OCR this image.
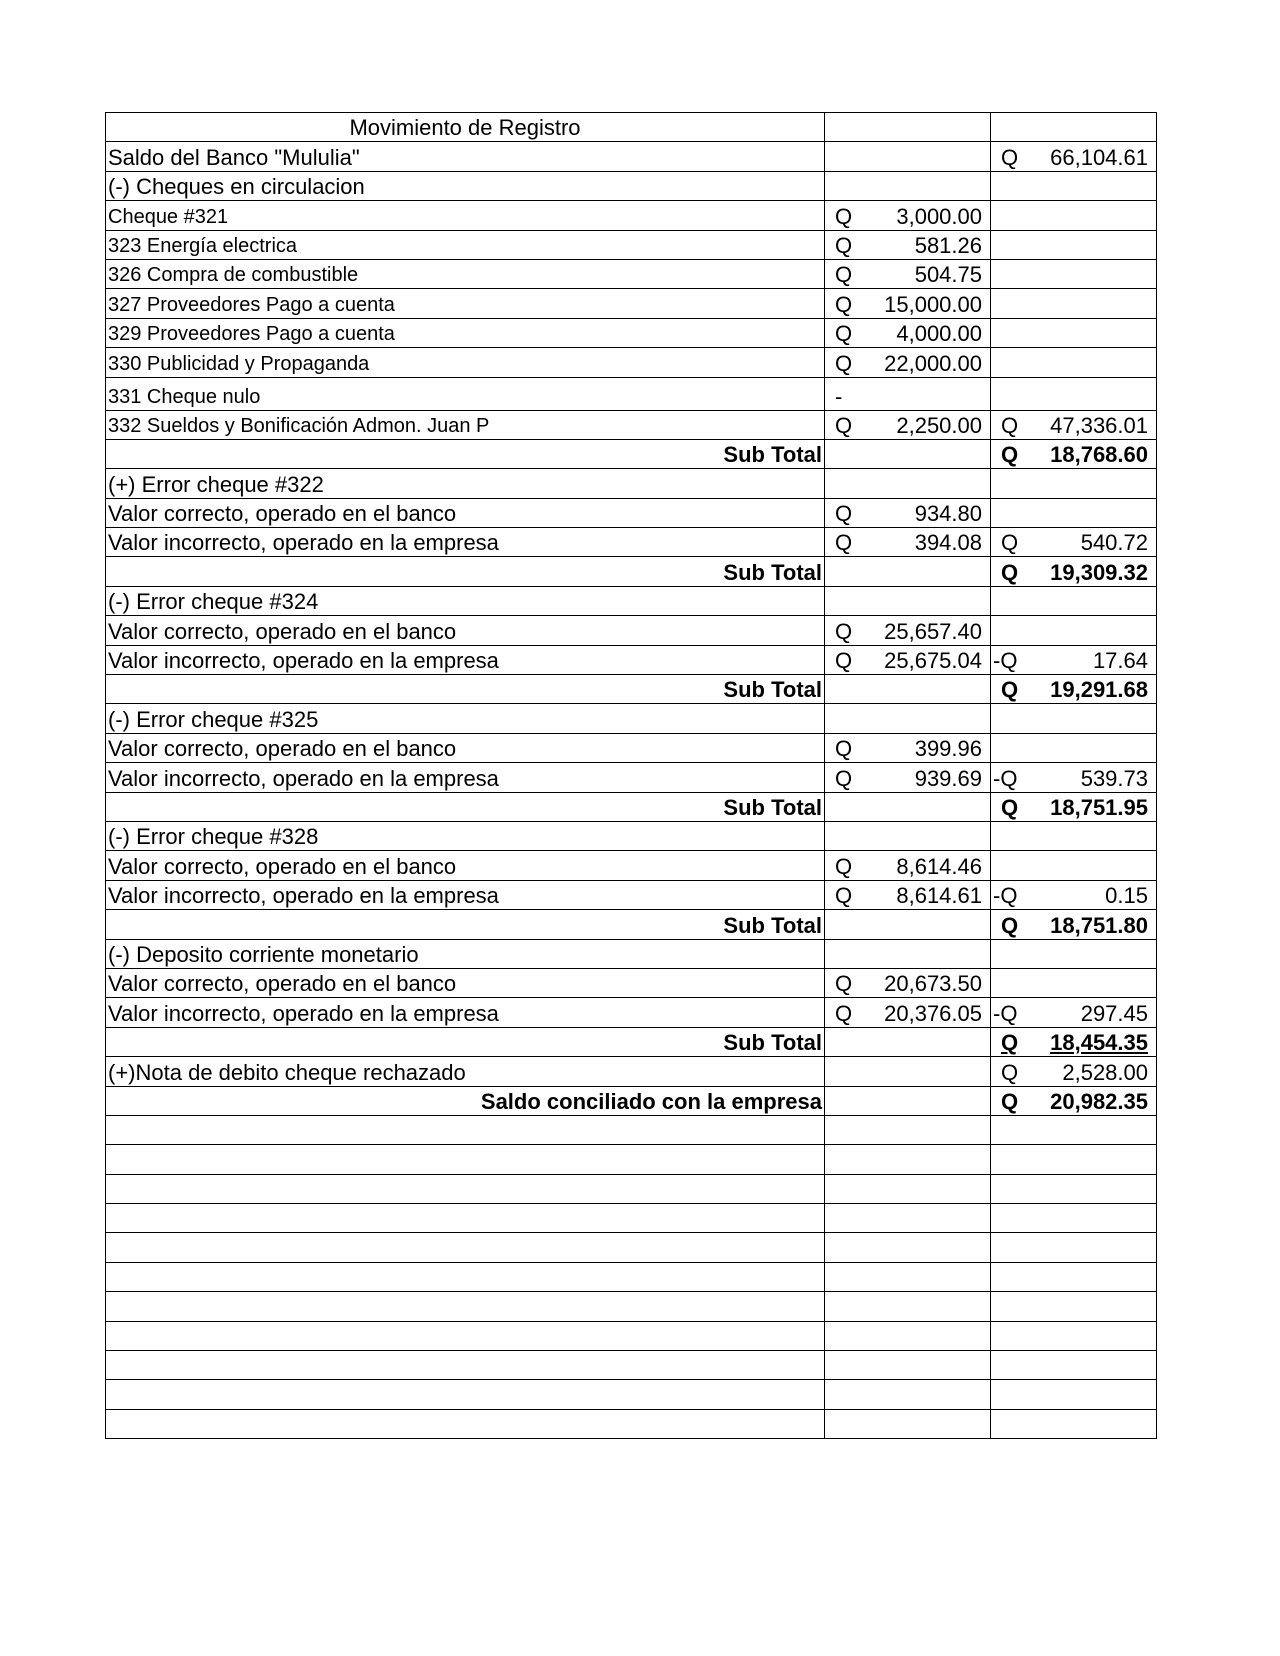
Movimiento de Registro		
Saldo del Banco "Mululia"		Q 66,104.61

(-) Cheques en circulacion		
Cheque #321	Q 3,000.00	

323 Energía electrica	Q 581.26	

326 Compra de combustible	Q 504.75	

327 Proveedores Pago a cuenta	Q 15,000.00	

329 Proveedores Pago a cuenta	Q 4,000.00	

330 Publicidad y Propaganda	Q 22,000.00	

331 Cheque nulo	-	

332 Sueldos y Bonificación Admon. Juan P	Q 2,250.00	Q 47,336.01

Sub Total		Q 18,768.60

(+) Error cheque #322		
Valor correcto, operado en el banco	Q 934.80	

Valor incorrecto, operado en la empresa	Q 394.08	Q 540.72

Sub Total		Q 19,309.32

(-) Error cheque #324		
Valor correcto, operado en el banco	Q 25,657.40	

Valor incorrecto, operado en la empresa	Q 25,675.04	-Q 17.64

Sub Total		Q 19,291.68

(-) Error cheque #325		
Valor correcto, operado en el banco	Q 399.96	

Valor incorrecto, operado en la empresa	Q 939.69	-Q 539.73

Sub Total		Q 18,751.95

(-) Error cheque #328		
Valor correcto, operado en el banco	Q 8,614.46	

Valor incorrecto, operado en la empresa	Q 8,614.61	-Q 0.15

Sub Total		Q 18,751.80

(-) Deposito corriente monetario		
Valor correcto, operado en el banco	Q 20,673.50	

Valor incorrecto, operado en la empresa	Q 20,376.05	-Q 297.45

Sub Total		Q 18,454.35

(+)Nota de debito cheque rechazado		Q 2,528.00

Saldo conciliado con la empresa		Q 20,982.35
